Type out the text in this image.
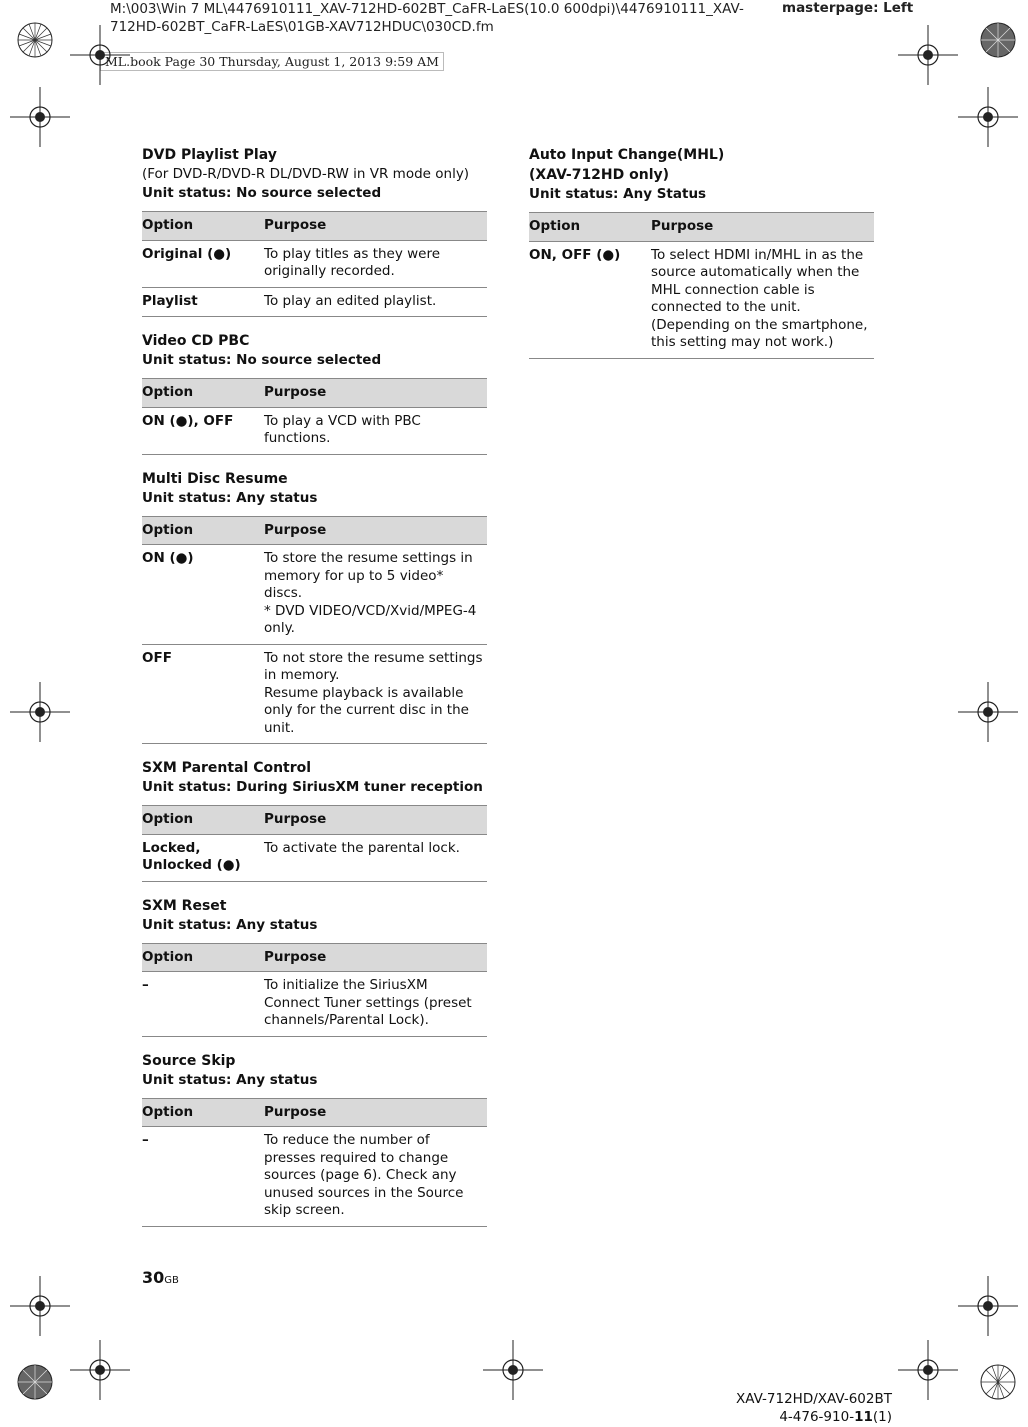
M:\003\Win 7 ML\4476910111_XAV-712HD-602BT_CaFR-LaES(10.0 600dpi)\4476910111_XAV-712HD-602BT_CaFR-LaES\01GB-XAV712HDUC\030CD.fm
masterpage: Left
ML.book Page 30 Thursday, August 1, 2013 9:59 AM
DVD Playlist Play
(For DVD-R/DVD-R DL/DVD-RW in VR mode only)
Unit status: No source selected
Option	Purpose
Original (●)	To play titles as they were originally recorded.
Playlist	To play an edited playlist.
Video CD PBC
Unit status: No source selected
Option	Purpose
ON (●), OFF	To play a VCD with PBC functions.
Multi Disc Resume
Unit status: Any status
Option	Purpose
ON (●)	To store the resume settings in memory for up to 5 video* discs.
* DVD VIDEO/VCD/Xvid/MPEG-4 only.
OFF	To not store the resume settings in memory.
Resume playback is available only for the current disc in the unit.
SXM Parental Control
Unit status: During SiriusXM tuner reception
Option	Purpose
Locked, Unlocked (●)	To activate the parental lock.
SXM Reset
Unit status: Any status
Option	Purpose
–	To initialize the SiriusXM Connect Tuner settings (preset channels/Parental Lock).
Source Skip
Unit status: Any status
Option	Purpose
–	To reduce the number of presses required to change sources (page 6). Check any unused sources in the Source skip screen.
Auto Input Change(MHL)
(XAV-712HD only)
Unit status: Any Status
Option	Purpose
ON, OFF (●)	To select HDMI in/MHL in as the source automatically when the MHL connection cable is connected to the unit.
(Depending on the smartphone, this setting may not work.)
30GB
XAV-712HD/XAV-602BT
4-476-910-11(1)
